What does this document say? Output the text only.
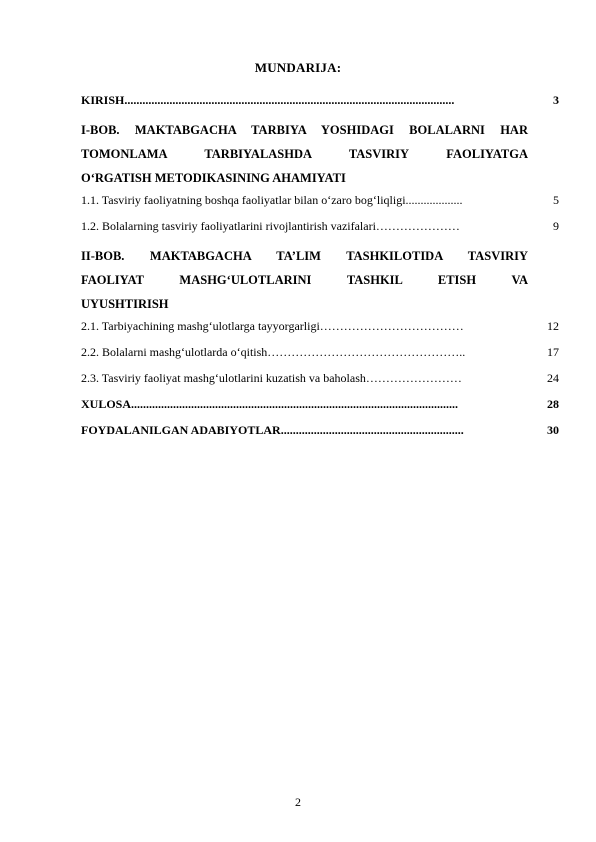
MUNDARIJA:
KIRISH..............................................................................................................	3
I-BOB. MAKTABGACHA TARBIYA YOSHIDAGI BOLALARNI HAR
TOMONLAMA TARBIYALASHDA TASVIRIY FAOLIYATGA
O‘RGATISH METODIKASINING AHAMIYATI
1.1. Tasviriy faoliyatning boshqa faoliyatlar bilan o‘zaro bog‘liqligi...................	5
1.2. Bolalarning tasviriy faoliyatlarini rivojlantirish vazifalari…………………	9
II-BOB. MAKTABGACHA TA’LIM TASHKILOTIDA TASVIRIY
FAOLIYAT MASHG‘ULOTLARINI TASHKIL ETISH VA
UYUSHTIRISH
2.1. Tarbiyachining mashg‘ulotlarga tayyorgarligi………………………………	12
2.2. Bolalarni mashg‘ulotlarda o‘qitish…………………………………………..	17
2.3. Tasviriy faoliyat mashg‘ulotlarini kuzatish va baholash……………………	24
XULOSA.............................................................................................................	28
FOYDALANILGAN ADABIYOTLAR.............................................................	30
2
